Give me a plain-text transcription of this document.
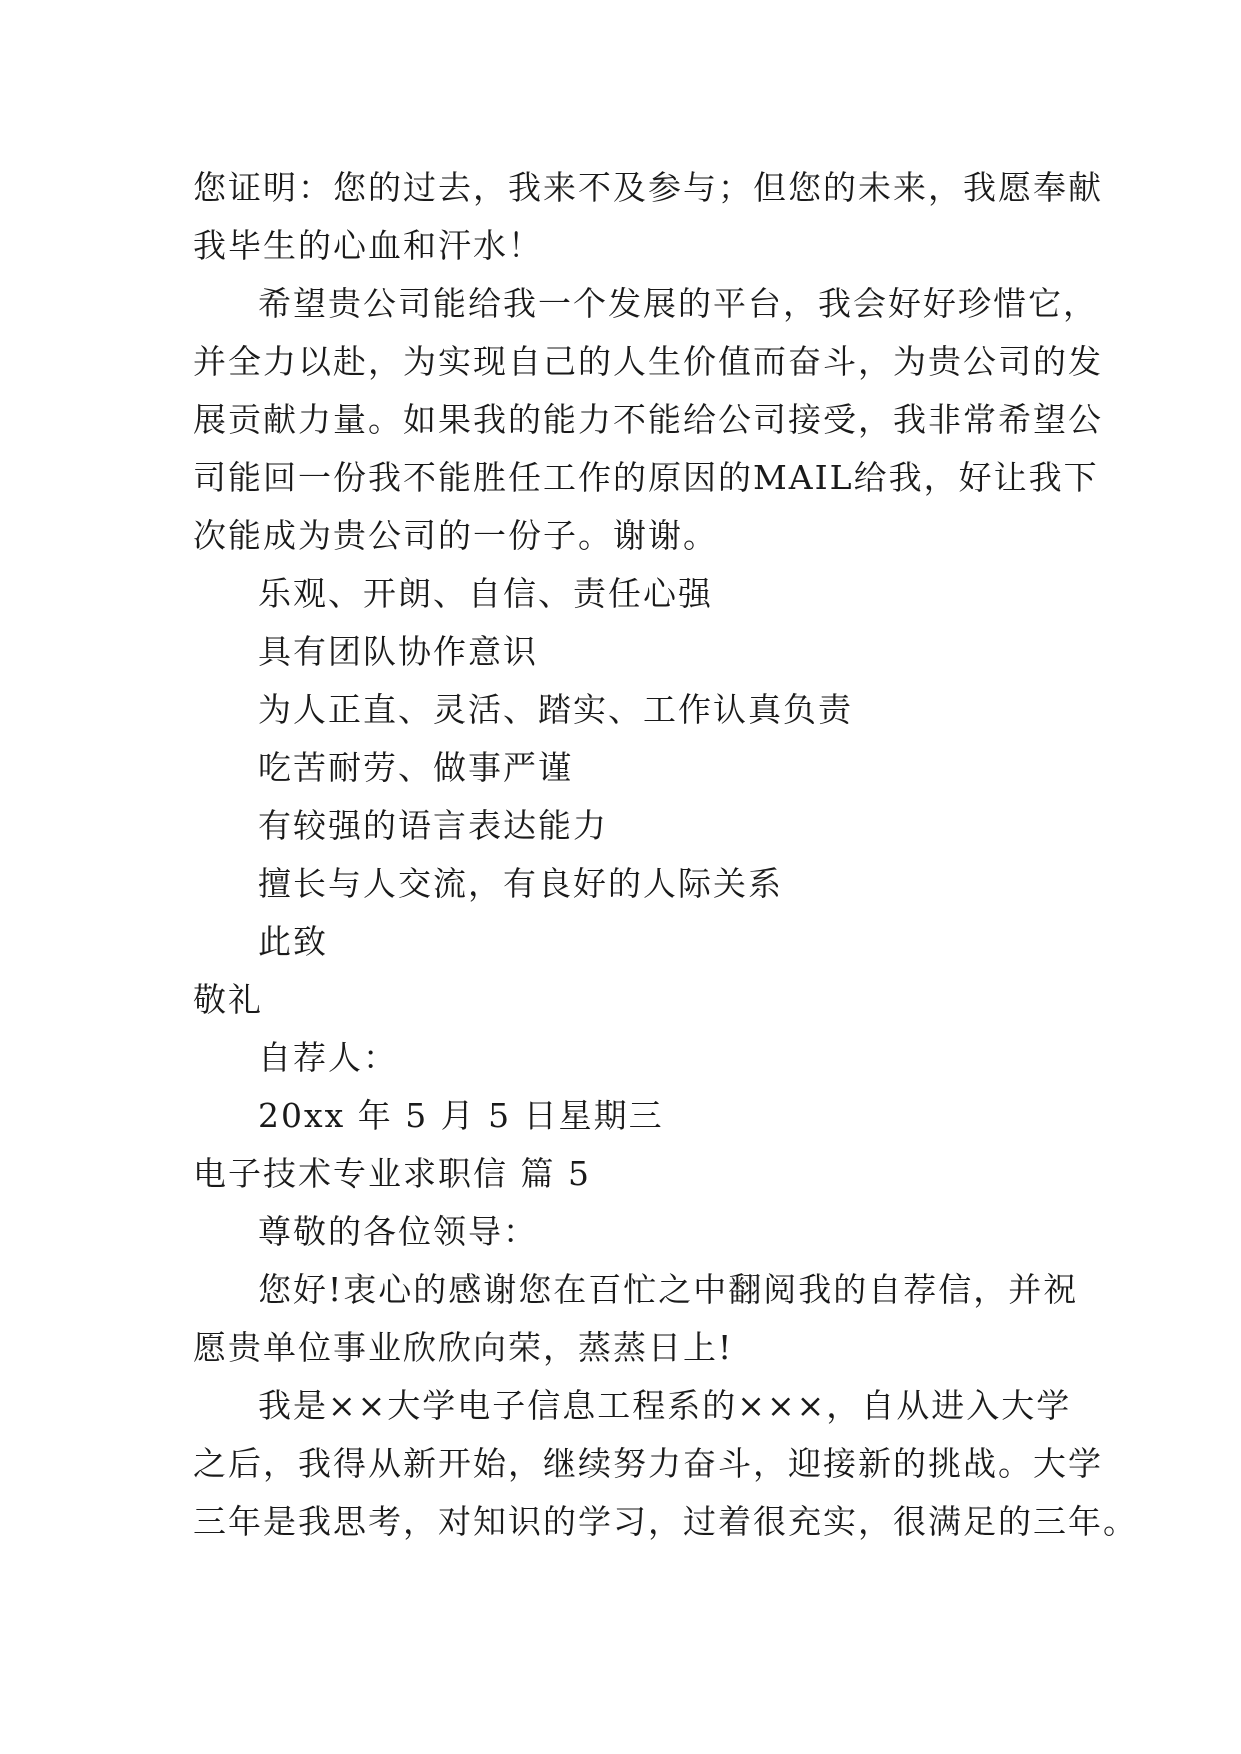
您证明：您的过去，我来不及参与；但您的未来，我愿奉献
我毕生的心血和汗水！
希望贵公司能给我一个发展的平台，我会好好珍惜它，
并全力以赴，为实现自己的人生价值而奋斗，为贵公司的发
展贡献力量。如果我的能力不能给公司接受，我非常希望公
司能回一份我不能胜任工作的原因的MAIL给我，好让我下
次能成为贵公司的一份子。谢谢。
乐观、开朗、自信、责任心强
具有团队协作意识
为人正直、灵活、踏实、工作认真负责
吃苦耐劳、做事严谨
有较强的语言表达能力
擅长与人交流，有良好的人际关系
此致
敬礼
自荐人：
20xx 年 5 月 5 日星期三
电子技术专业求职信 篇 5
尊敬的各位领导：
您好!衷心的感谢您在百忙之中翻阅我的自荐信，并祝
愿贵单位事业欣欣向荣，蒸蒸日上!
我是××大学电子信息工程系的×××，自从进入大学
之后，我得从新开始，继续努力奋斗，迎接新的挑战。大学
三年是我思考，对知识的学习，过着很充实，很满足的三年。
